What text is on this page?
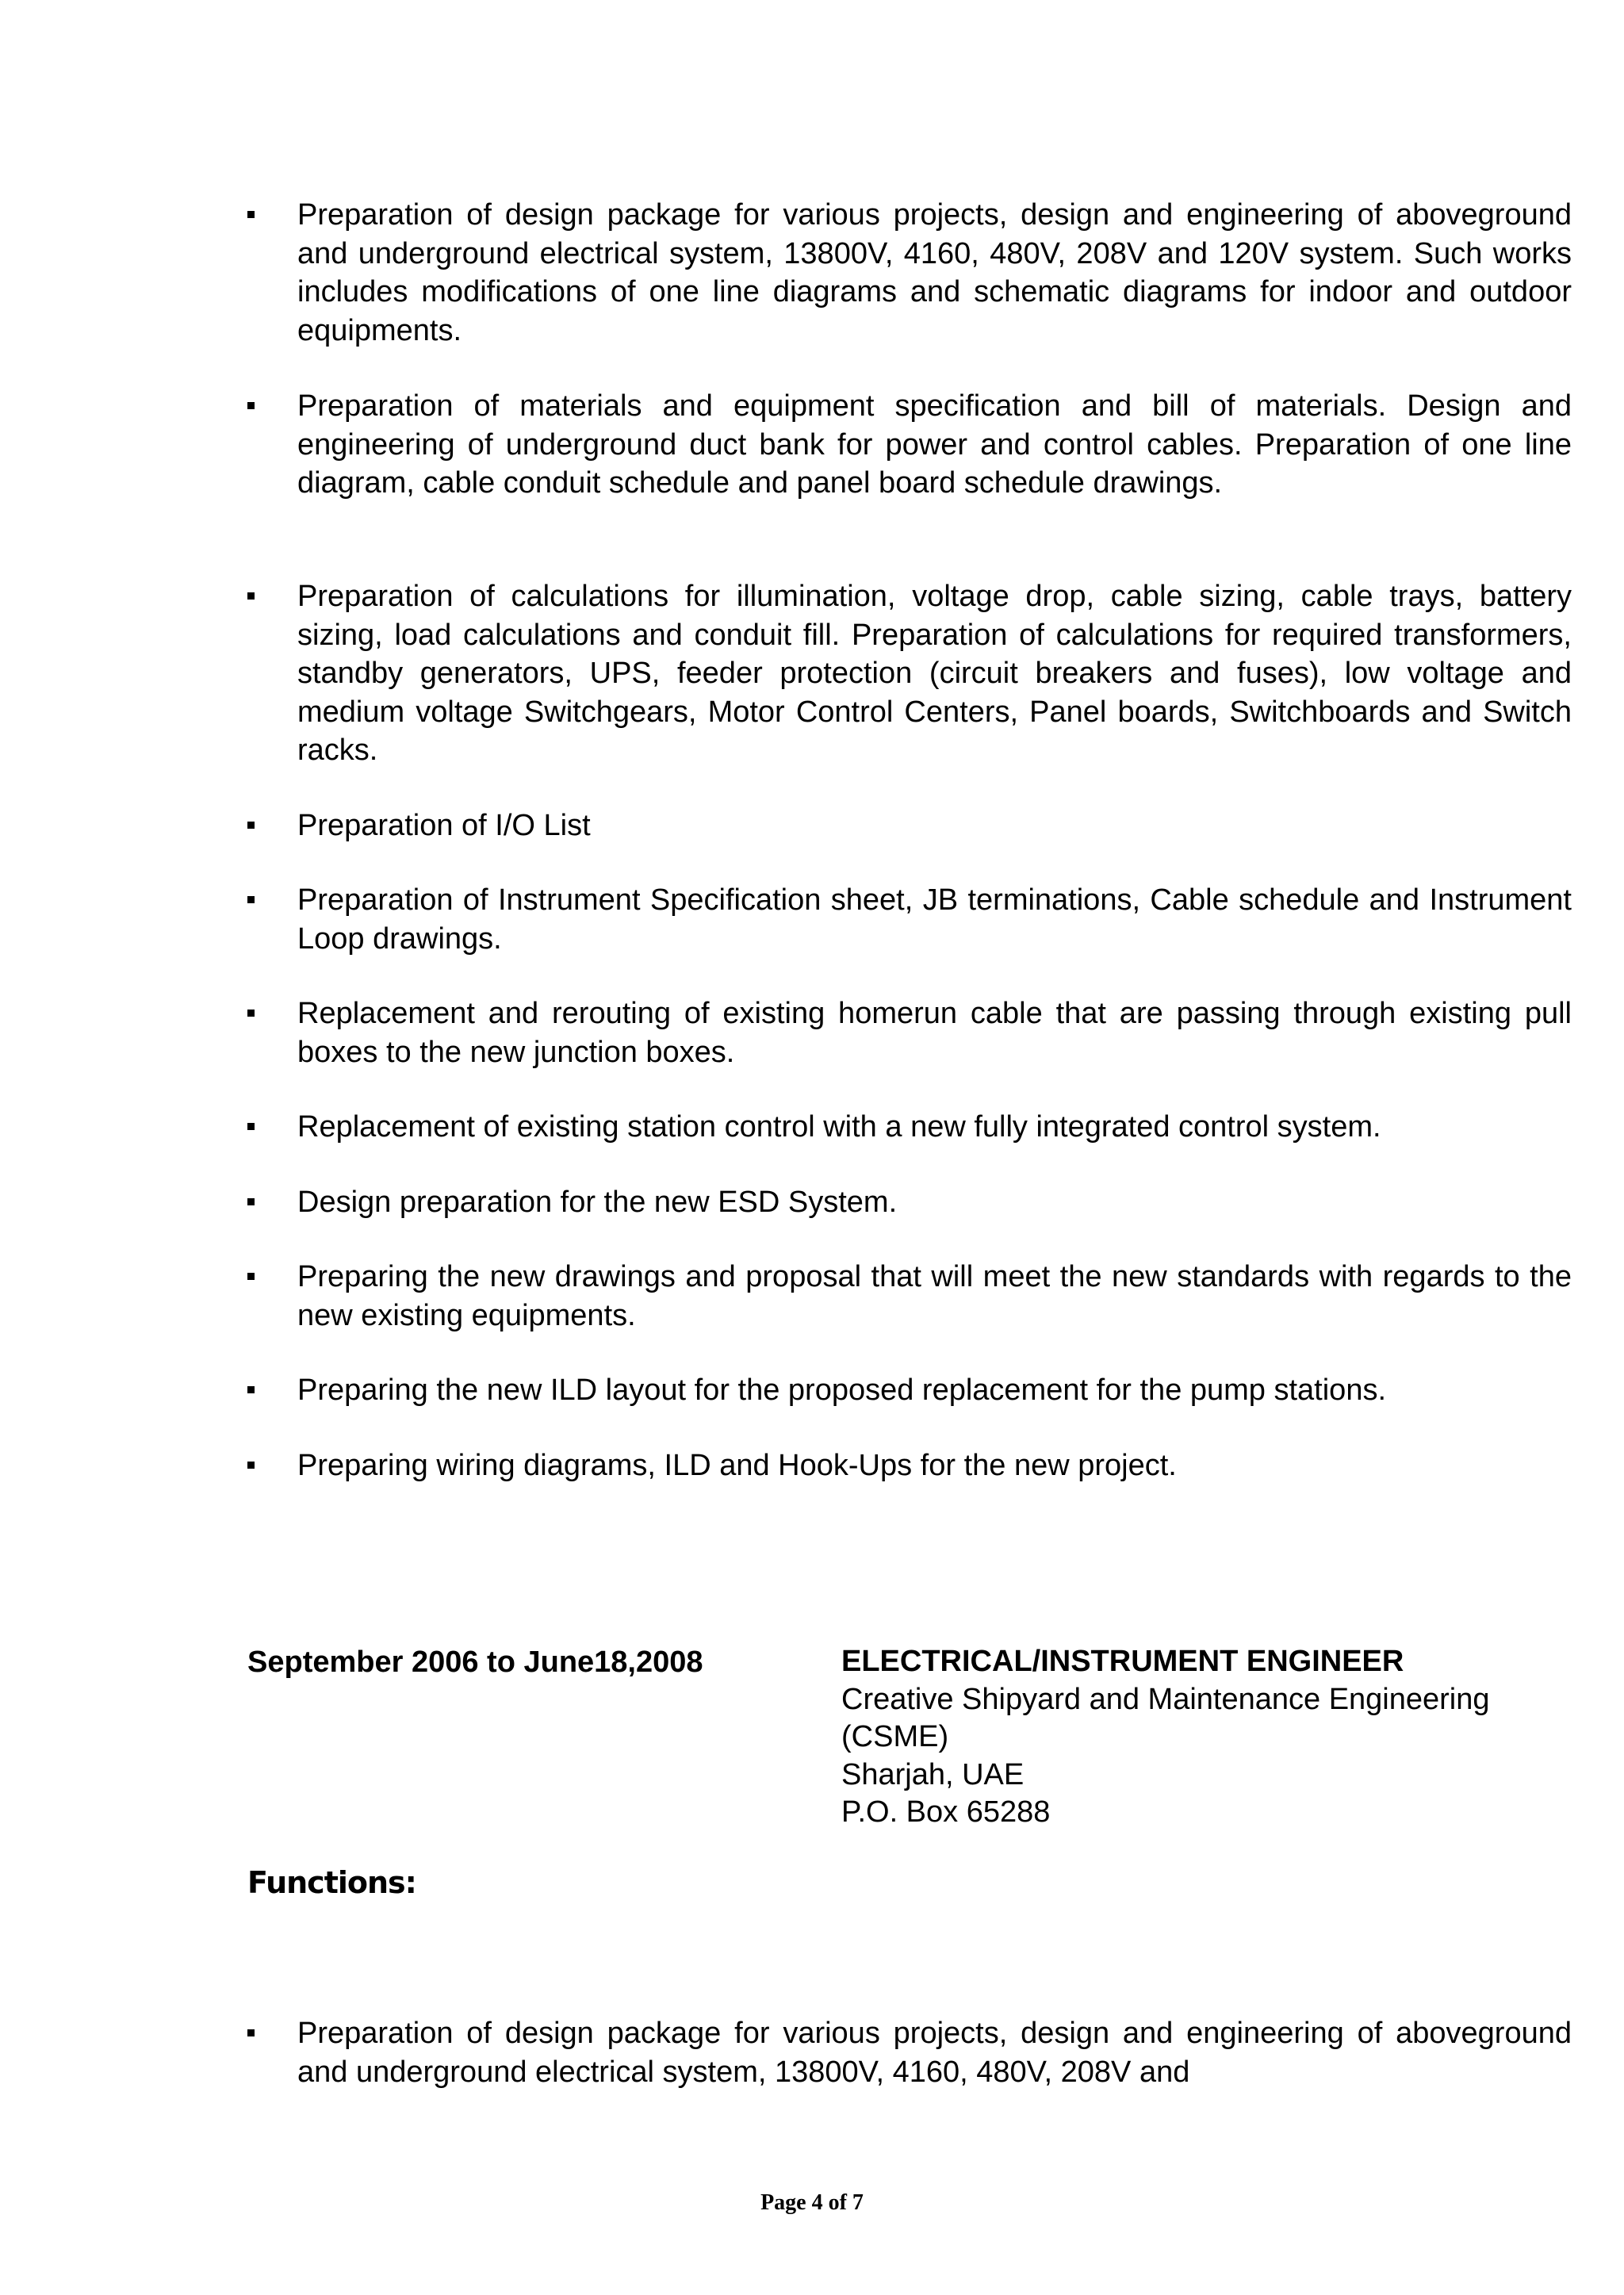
Preparation of design package for various projects, design and engineering of aboveground and underground electrical system, 13800V, 4160, 480V, 208V and 120V system. Such works includes modifications of one line diagrams and schematic diagrams for indoor and outdoor equipments.
Preparation of materials and equipment specification and bill of materials. Design and engineering of underground duct bank for power and control cables. Preparation of one line diagram, cable conduit schedule and panel board schedule drawings.
Preparation of calculations for illumination, voltage drop, cable sizing, cable trays, battery sizing, load calculations and conduit fill. Preparation of calculations for required transformers, standby generators, UPS, feeder protection (circuit breakers and fuses), low voltage and medium voltage Switchgears, Motor Control Centers, Panel boards, Switchboards and Switch racks.
Preparation of I/O List
Preparation of Instrument Specification sheet, JB terminations, Cable schedule and Instrument Loop drawings.
Replacement and rerouting of existing homerun cable that are passing through existing pull boxes to the new junction boxes.
Replacement of existing station control with a new fully integrated control system.
Design preparation for the new ESD System.
Preparing the new drawings and proposal that will meet the new standards with regards to the new existing equipments.
Preparing the new ILD layout for the proposed replacement for the pump stations.
Preparing wiring diagrams, ILD and Hook-Ups for the new project.
September 2006 to June18,2008	ELECTRICAL/INSTRUMENT ENGINEER
Creative Shipyard and Maintenance Engineering
(CSME)
Sharjah, UAE
P.O. Box 65288
Functions:
Preparation of design package for various projects, design and engineering of aboveground and underground electrical system, 13800V, 4160, 480V, 208V and
Page 4 of 7
